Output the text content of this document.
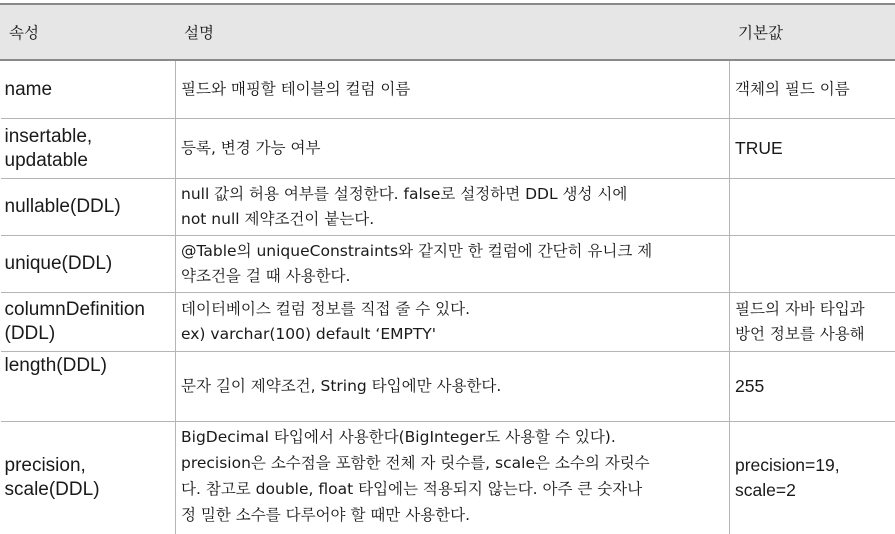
속성	설명	기본값
name	필드와 매핑할 테이블의 컬럼 이름	객체의 필드 이름

insertable,
updatable	등록, 변경 가능 여부	TRUE
nullable(DDL)	null 값의 허용 여부를 설정한다. false로 설정하면 DDL 생성 시에
not null 제약조건이 붙는다.	

unique(DDL)	@Table의 uniqueConstraints와 같지만 한 컬럼에 간단히 유니크 제
약조건을 걸 때 사용한다.	

columnDefinition
(DDL)	데이터베이스 컬럼 정보를 직접 줄 수 있다.
ex) varchar(100) default ‘EMPTY'	필드의 자바 타입과
방언 정보를 사용해

length(DDL)	문자 길이 제약조건, String 타입에만 사용한다.	255

precision,
scale(DDL)	BigDecimal 타입에서 사용한다(BigInteger도 사용할 수 있다).
precision은 소수점을 포함한 전체 자 릿수를, scale은 소수의 자릿수
다. 참고로 double, float 타입에는 적용되지 않는다. 아주 큰 숫자나
정 밀한 소수를 다루어야 할 때만 사용한다.	precision=19,
scale=2
